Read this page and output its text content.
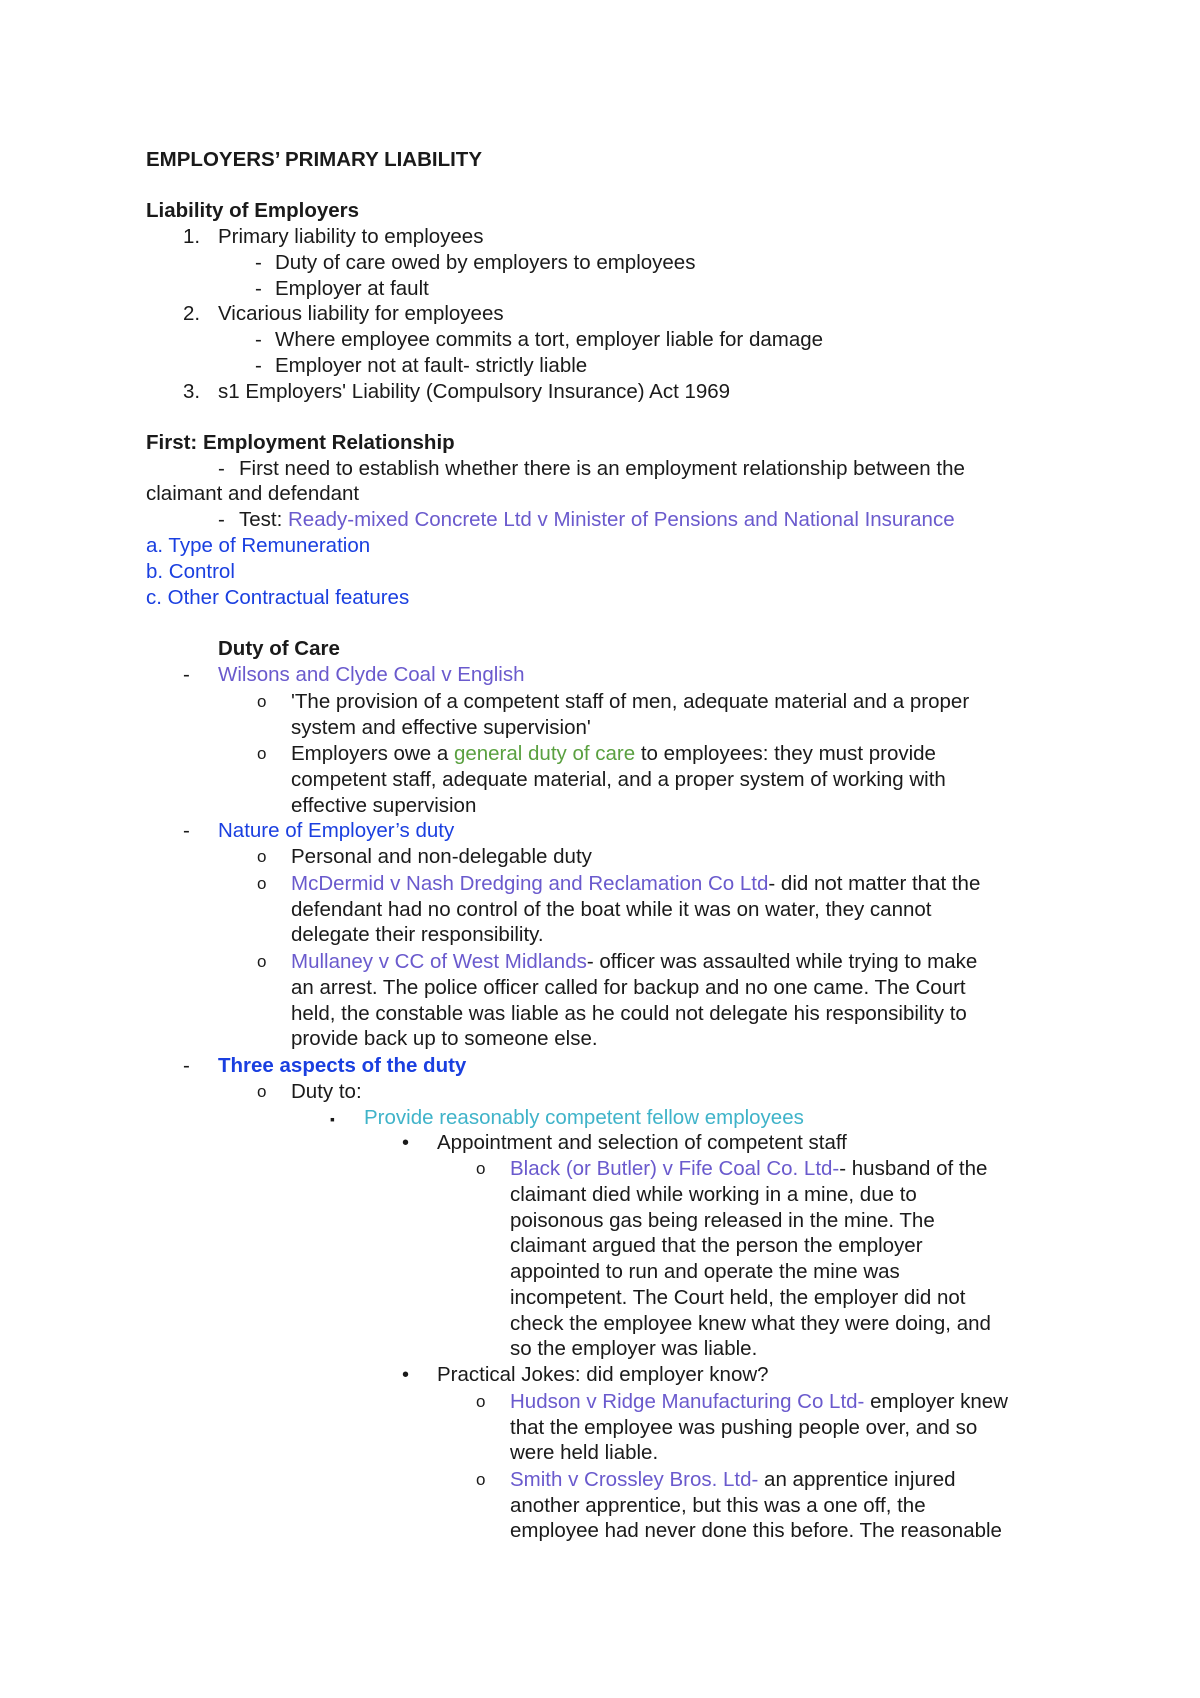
EMPLOYERS’ PRIMARY LIABILITY
Liability of Employers
1. Primary liability to employees
- Duty of care owed by employers to employees
- Employer at fault
2. Vicarious liability for employees
- Where employee commits a tort, employer liable for damage
- Employer not at fault- strictly liable
3. s1 Employers' Liability (Compulsory Insurance) Act 1969
First: Employment Relationship
- First need to establish whether there is an employment relationship between the
claimant and defendant
- Test: Ready-mixed Concrete Ltd v Minister of Pensions and National Insurance
a. Type of Remuneration
b. Control
c. Other Contractual features
Duty of Care
- Wilsons and Clyde Coal v English
o 'The provision of a competent staff of men, adequate material and a proper
system and effective supervision'
o Employers owe a general duty of care to employees: they must provide
competent staff, adequate material, and a proper system of working with
effective supervision
- Nature of Employer’s duty
o Personal and non-delegable duty
o McDermid v Nash Dredging and Reclamation Co Ltd- did not matter that the
defendant had no control of the boat while it was on water, they cannot
delegate their responsibility.
o Mullaney v CC of West Midlands- officer was assaulted while trying to make
an arrest. The police officer called for backup and no one came. The Court
held, the constable was liable as he could not delegate his responsibility to
provide back up to someone else.
- Three aspects of the duty
o Duty to:
▪ Provide reasonably competent fellow employees
• Appointment and selection of competent staff
o Black (or Butler) v Fife Coal Co. Ltd-- husband of the
claimant died while working in a mine, due to
poisonous gas being released in the mine. The
claimant argued that the person the employer
appointed to run and operate the mine was
incompetent. The Court held, the employer did not
check the employee knew what they were doing, and
so the employer was liable.
• Practical Jokes: did employer know?
o Hudson v Ridge Manufacturing Co Ltd- employer knew
that the employee was pushing people over, and so
were held liable.
o Smith v Crossley Bros. Ltd- an apprentice injured
another apprentice, but this was a one off, the
employee had never done this before. The reasonable
